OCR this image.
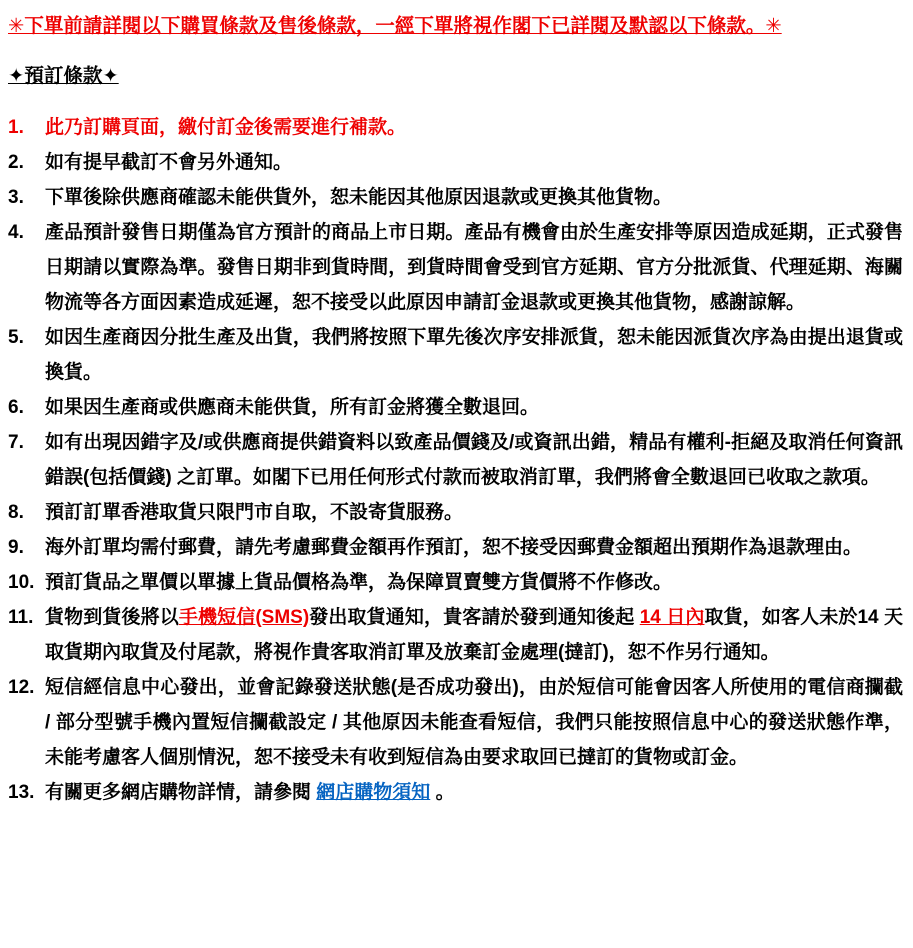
✳下單前請詳閱以下購買條款及售後條款，一經下單將視作閣下已詳閱及默認以下條款。✳
✦預訂條款✦
1. 此乃訂購頁面，繳付訂金後需要進行補款。
2. 如有提早截訂不會另外通知。
3. 下單後除供應商確認未能供貨外，恕未能因其他原因退款或更換其他貨物。
4. 產品預計發售日期僅為官方預計的商品上市日期。產品有機會由於生產安排等原因造成延期，正式發售日期請以實際為準。發售日期非到貨時間，到貨時間會受到官方延期、官方分批派貨、代理延期、海關物流等各方面因素造成延遲，恕不接受以此原因申請訂金退款或更換其他貨物，感謝諒解。
5. 如因生產商因分批生產及出貨，我們將按照下單先後次序安排派貨，恕未能因派貨次序為由提出退貨或換貨。
6. 如果因生產商或供應商未能供貨，所有訂金將獲全數退回。
7. 如有出現因錯字及/或供應商提供錯資料以致產品價錢及/或資訊出錯，精品有權利-拒絕及取消任何資訊錯誤(包括價錢) 之訂單。如閣下已用任何形式付款而被取消訂單，我們將會全數退回已收取之款項。
8. 預訂訂單香港取貨只限門市自取，不設寄貨服務。
9. 海外訂單均需付郵費，請先考慮郵費金額再作預訂，恕不接受因郵費金額超出預期作為退款理由。
10. 預訂貨品之單價以單據上貨品價格為準，為保障買賣雙方貨價將不作修改。
11. 貨物到貨後將以手機短信(SMS)發出取貨通知，貴客請於發到通知後起 14 日內取貨，如客人未於14 天取貨期內取貨及付尾款，將視作貴客取消訂單及放棄訂金處理(撻訂)，恕不作另行通知。
12. 短信經信息中心發出，並會記錄發送狀態(是否成功發出)，由於短信可能會因客人所使用的電信商攔截 / 部分型號手機內置短信攔截設定 / 其他原因未能查看短信，我們只能按照信息中心的發送狀態作準，未能考慮客人個別情況，恕不接受未有收到短信為由要求取回已撻訂的貨物或訂金。
13. 有關更多網店購物詳情，請參閱 網店購物須知 。
